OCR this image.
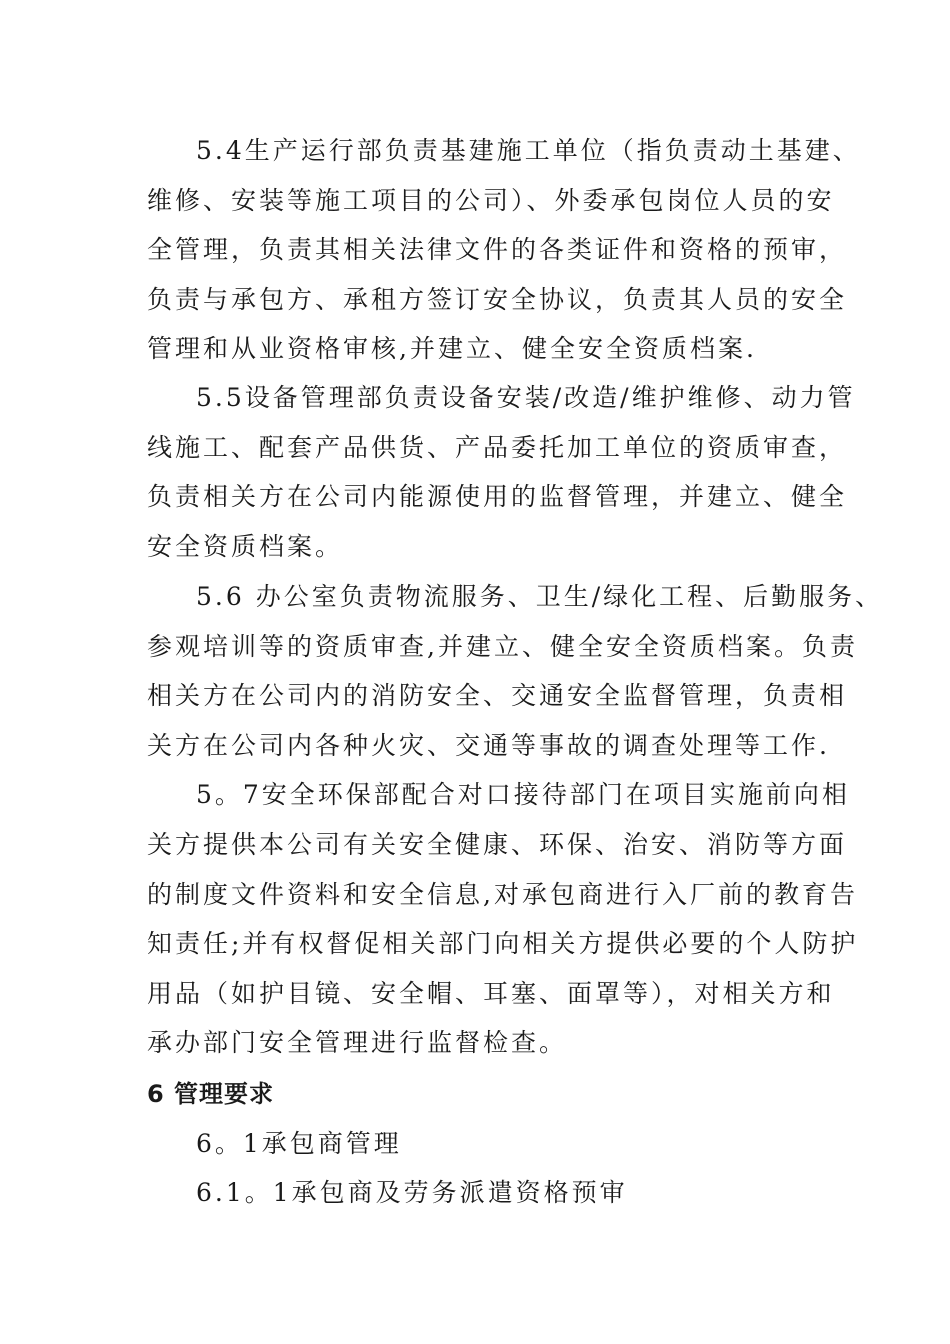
5.4生产运行部负责基建施工单位（指负责动土基建、
维修、安装等施工项目的公司）、外委承包岗位人员的安
全管理，负责其相关法律文件的各类证件和资格的预审，
负责与承包方、承租方签订安全协议，负责其人员的安全
管理和从业资格审核,并建立、健全安全资质档案.
5.5设备管理部负责设备安装/改造/维护维修、动力管
线施工、配套产品供货、产品委托加工单位的资质审查，
负责相关方在公司内能源使用的监督管理，并建立、健全
安全资质档案。
5.6 办公室负责物流服务、卫生/绿化工程、后勤服务、
参观培训等的资质审查,并建立、健全安全资质档案。负责
相关方在公司内的消防安全、交通安全监督管理，负责相
关方在公司内各种火灾、交通等事故的调查处理等工作.
5。7安全环保部配合对口接待部门在项目实施前向相
关方提供本公司有关安全健康、环保、治安、消防等方面
的制度文件资料和安全信息,对承包商进行入厂前的教育告
知责任;并有权督促相关部门向相关方提供必要的个人防护
用品（如护目镜、安全帽、耳塞、面罩等），对相关方和
承办部门安全管理进行监督检查。
6 管理要求
6。1承包商管理
6.1。1承包商及劳务派遣资格预审
